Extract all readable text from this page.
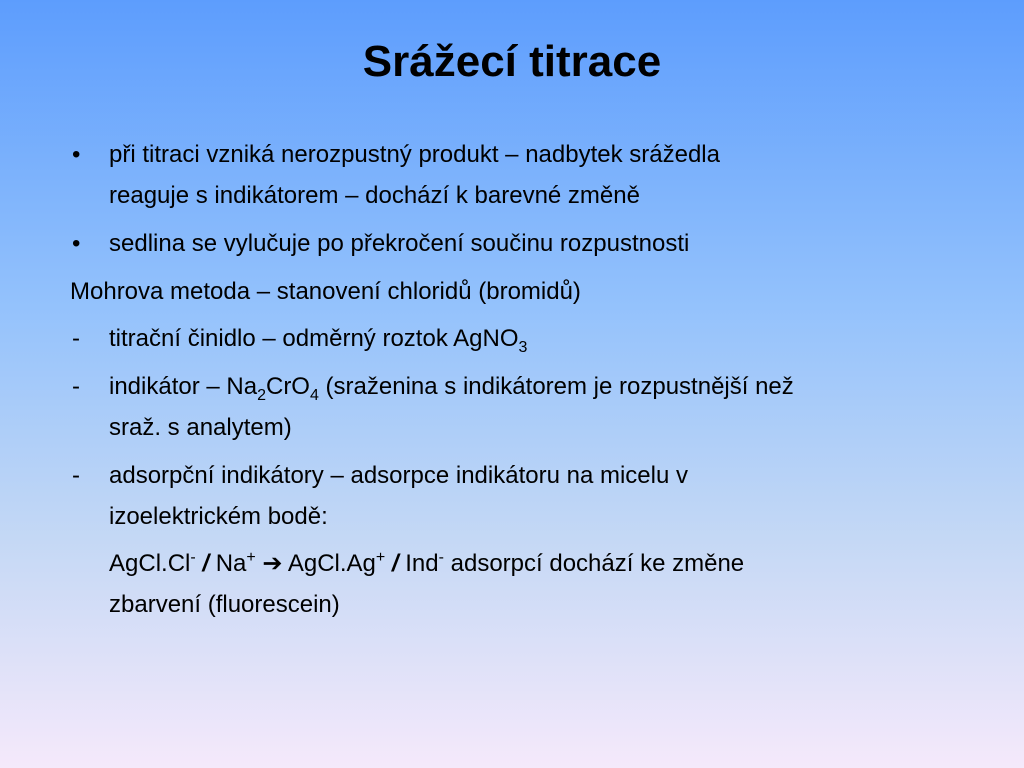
Srážecí titrace
• při titraci vzniká nerozpustný produkt – nadbytek srážedla
reaguje s indikátorem – dochází k barevné změně
• sedlina se vylučuje po překročení součinu rozpustnosti
Mohrova metoda – stanovení chloridů (bromidů)
- titrační činidlo – odměrný roztok AgNO$_3$
- indikátor – $Na_2CrO_4$ (sraženina s indikátorem je rozpustnější než
sraž. s analytem)
- adsorpční indikátory – adsorpce indikátoru na micelu v
izoelektrickém bodě:
AgCl.Cl- / Na+ ➔ AgCl.Ag+ / Ind- adsorpcí dochází ke změne
zbarvení (fluorescein)
